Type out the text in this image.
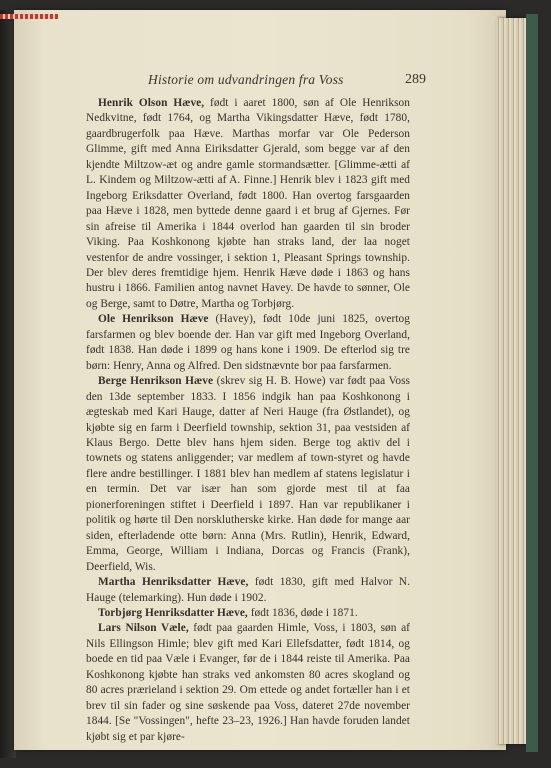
Historie om udvandringen fra Voss	289

Henrik Olson Hæve, født i aaret 1800, søn af Ole Henrikson Nedkvitne, født 1764, og Martha Vikingsdatter Hæve, født 1780, gaardbrugerfolk paa Hæve. Marthas morfar var Ole Pederson Glimme, gift med Anna Eiriksdatter Gjerald, som begge var af den kjendte Miltzow-æt og andre gamle stormandsætter. [Glimme-ætti af L. Kindem og Miltzow-ætti af A. Finne.] Henrik blev i 1823 gift med Ingeborg Eriksdatter Overland, født 1800. Han overtog farsgaarden paa Hæve i 1828, men byttede denne gaard i et brug af Gjernes. Før sin afreise til Amerika i 1844 overlod han gaarden til sin broder Viking. Paa Koshkonong kjøbte han straks land, der laa noget vestenfor de andre vossinger, i sektion 1, Pleasant Springs township. Der blev deres fremtidige hjem. Henrik Hæve døde i 1863 og hans hustru i 1866. Familien antog navnet Havey. De havde to sønner, Ole og Berge, samt to Døtre, Martha og Torbjørg.

Ole Henrikson Hæve (Havey), født 10de juni 1825, overtog farsfarmen og blev boende der. Han var gift med Ingeborg Overland, født 1838. Han døde i 1899 og hans kone i 1909. De efterlod sig tre børn: Henry, Anna og Alfred. Den sidstnævnte bor paa farsfarmen.

Berge Henrikson Hæve (skrev sig H. B. Howe) var født paa Voss den 13de september 1833. I 1856 indgik han paa Koshkonong i ægteskab med Kari Hauge, datter af Neri Hauge (fra Østlandet), og kjøbte sig en farm i Deerfield township, sektion 31, paa vestsiden af Klaus Bergo. Dette blev hans hjem siden. Berge tog aktiv del i townets og statens anliggender; var medlem af town-styret og havde flere andre bestillinger. I 1881 blev han medlem af statens legislatur i en termin. Det var især han som gjorde mest til at faa pionerforeningen stiftet i Deerfield i 1897. Han var republikaner i politik og hørte til Den norsklutherske kirke. Han døde for mange aar siden, efterladende otte børn: Anna (Mrs. Rutlin), Henrik, Edward, Emma, George, William i Indiana, Dorcas og Francis (Frank), Deerfield, Wis.

Martha Henriksdatter Hæve, født 1830, gift med Halvor N. Hauge (telemarking). Hun døde i 1902.

Torbjørg Henriksdatter Hæve, født 1836, døde i 1871.

Lars Nilson Væle, født paa gaarden Himle, Voss, i 1803, søn af Nils Ellingson Himle; blev gift med Kari Ellefsdatter, født 1814, og boede en tid paa Væle i Evanger, før de i 1844 reiste til Amerika. Paa Koshkonong kjøbte han straks ved ankomsten 80 acres skogland og 80 acres prærieland i sektion 29. Om ettede og andet fortæller han i et brev til sin fader og sine søskende paa Voss, dateret 27de november 1844. [Se "Vossingen", hefte 23–23, 1926.] Han havde foruden landet kjøbt sig et par kjøre-
